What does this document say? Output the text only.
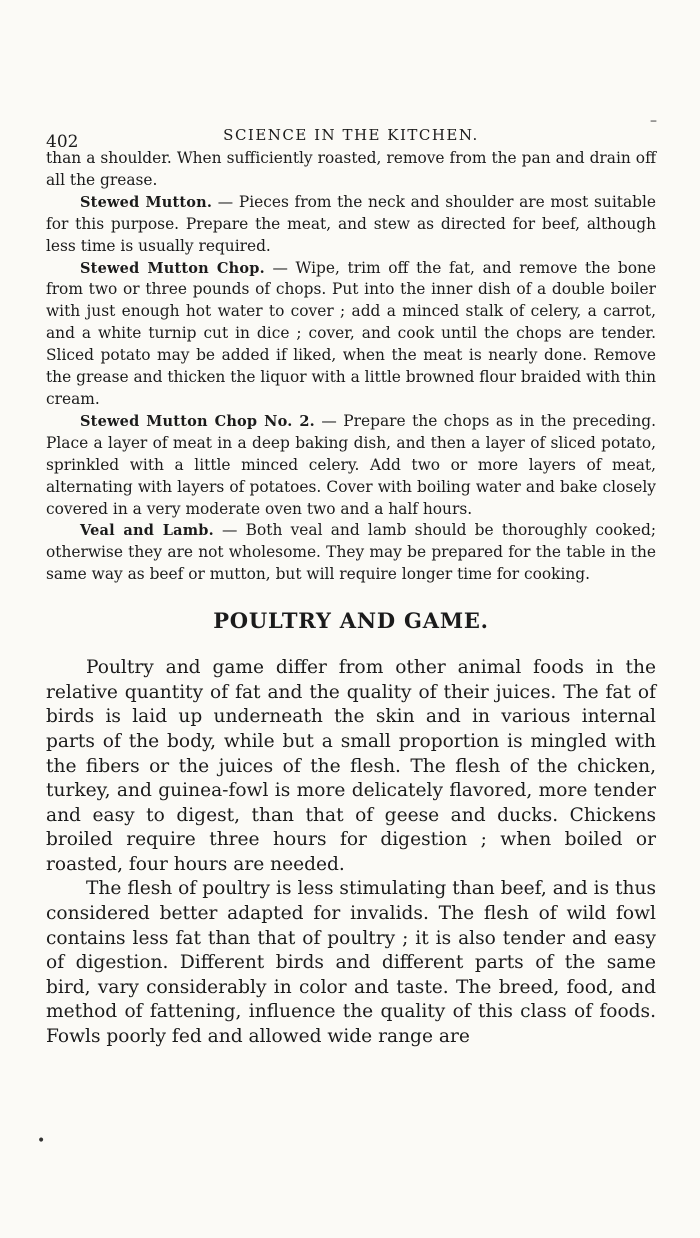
402	SCIENCE IN THE KITCHEN.

than a shoulder. When sufficiently roasted, remove from the pan and drain off all the grease.

Stewed Mutton. — Pieces from the neck and shoulder are most suitable for this purpose. Prepare the meat, and stew as directed for beef, although less time is usually required.

Stewed Mutton Chop. — Wipe, trim off the fat, and remove the bone from two or three pounds of chops. Put into the inner dish of a double boiler with just enough hot water to cover ; add a minced stalk of celery, a carrot, and a white turnip cut in dice ; cover, and cook until the chops are tender. Sliced potato may be added if liked, when the meat is nearly done. Remove the grease and thicken the liquor with a little browned flour braided with thin cream.

Stewed Mutton Chop No. 2. — Prepare the chops as in the preceding. Place a layer of meat in a deep baking dish, and then a layer of sliced potato, sprinkled with a little minced celery. Add two or more layers of meat, alternating with layers of potatoes. Cover with boiling water and bake closely covered in a very moderate oven two and a half hours.

Veal and Lamb. — Both veal and lamb should be thoroughly cooked; otherwise they are not wholesome. They may be prepared for the table in the same way as beef or mutton, but will require longer time for cooking.

POULTRY AND GAME.

Poultry and game differ from other animal foods in the relative quantity of fat and the quality of their juices. The fat of birds is laid up underneath the skin and in various internal parts of the body, while but a small proportion is mingled with the fibers or the juices of the flesh. The flesh of the chicken, turkey, and guinea-fowl is more delicately flavored, more tender and easy to digest, than that of geese and ducks. Chickens broiled require three hours for digestion ; when boiled or roasted, four hours are needed.

The flesh of poultry is less stimulating than beef, and is thus considered better adapted for invalids. The flesh of wild fowl contains less fat than that of poultry ; it is also tender and easy of digestion. Different birds and different parts of the same bird, vary considerably in color and taste. The breed, food, and method of fattening, influence the quality of this class of foods. Fowls poorly fed and allowed wide range are

–
•
